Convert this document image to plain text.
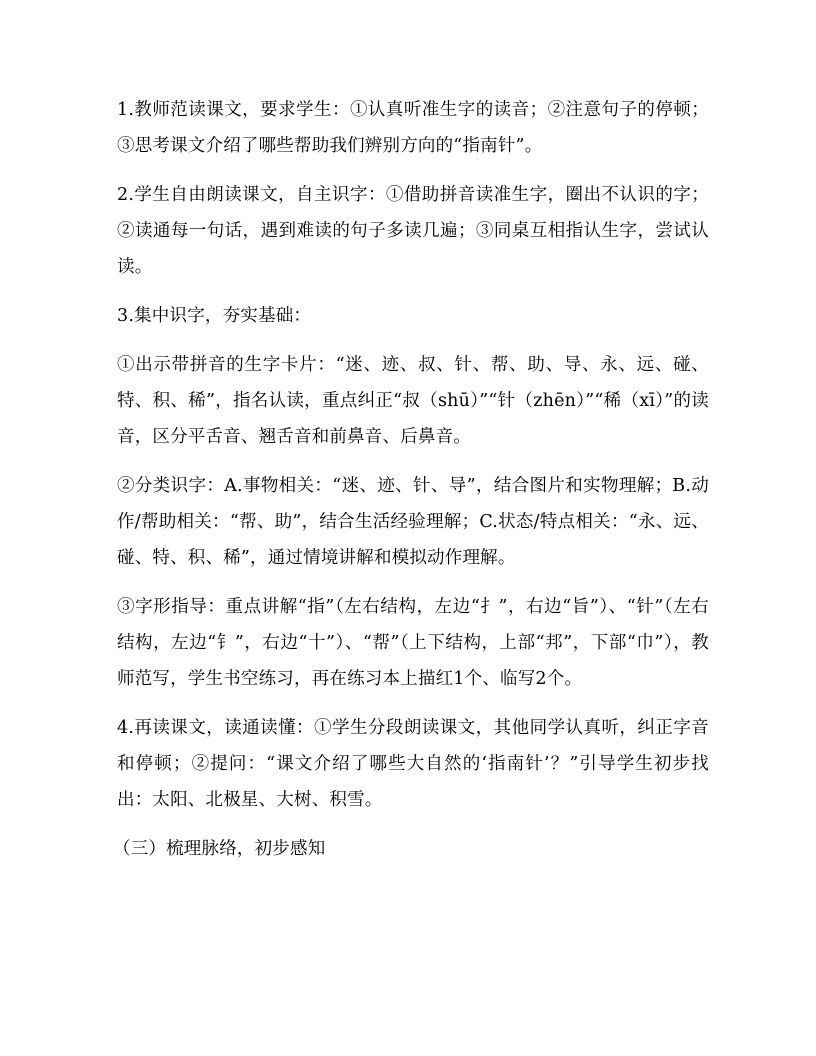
1.教师范读课文，要求学生：①认真听准生字的读音；②注意句子的停顿；③思考课文介绍了哪些帮助我们辨别方向的“指南针”。

2.学生自由朗读课文，自主识字：①借助拼音读准生字，圈出不认识的字；②读通每一句话，遇到难读的句子多读几遍；③同桌互相指认生字，尝试认读。

3.集中识字，夯实基础：

①出示带拼音的生字卡片：“迷、迹、叔、针、帮、助、导、永、远、碰、特、积、稀”，指名认读，重点纠正“叔（shū）”“针（zhēn）”“稀（xī）”的读音，区分平舌音、翘舌音和前鼻音、后鼻音。

②分类识字：A.事物相关：“迷、迹、针、导”，结合图片和实物理解；B.动作/帮助相关：“帮、助”，结合生活经验理解；C.状态/特点相关：“永、远、碰、特、积、稀”，通过情境讲解和模拟动作理解。

③字形指导：重点讲解“指”（左右结构，左边“扌”，右边“旨”）、“针”（左右结构，左边“钅”，右边“十”）、“帮”（上下结构，上部“邦”，下部“巾”），教师范写，学生书空练习，再在练习本上描红1个、临写2个。

4.再读课文，读通读懂：①学生分段朗读课文，其他同学认真听，纠正字音和停顿；②提问：“课文介绍了哪些大自然的‘指南针’？”引导学生初步找出：太阳、北极星、大树、积雪。

（三）梳理脉络，初步感知
